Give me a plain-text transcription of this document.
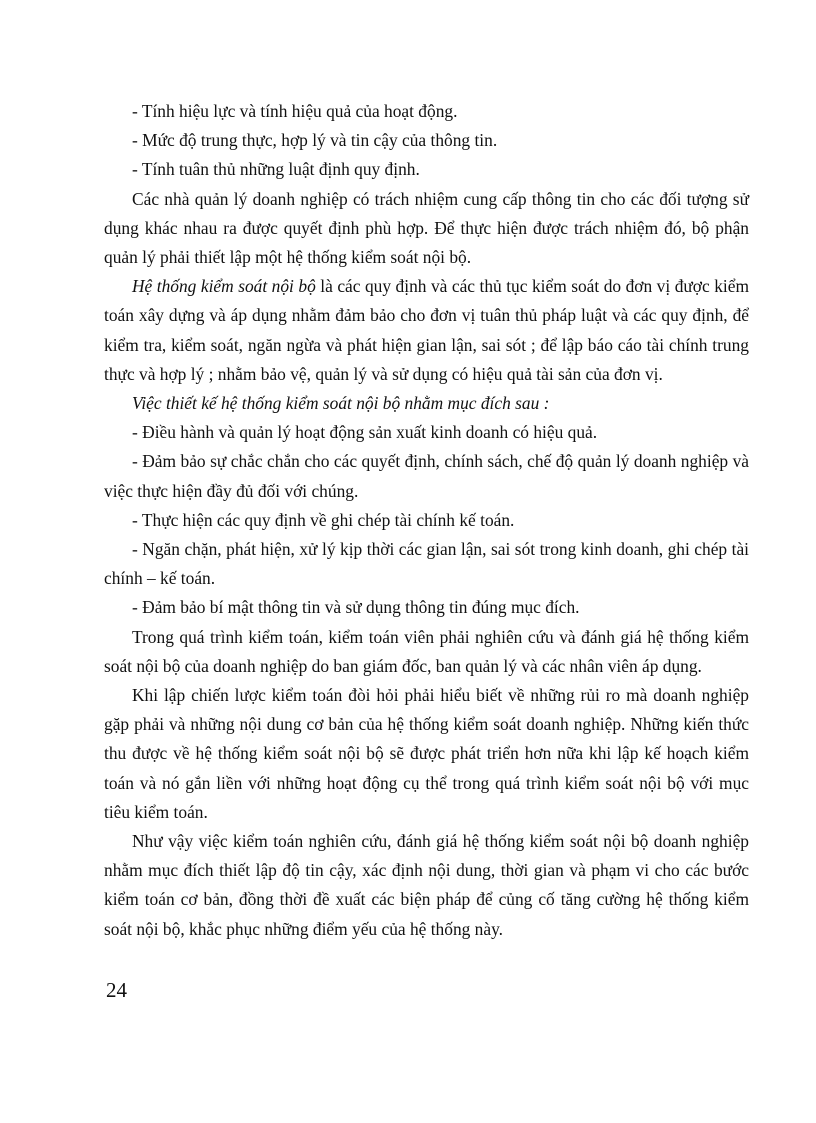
- Tính hiệu lực và tính hiệu quả của hoạt động.

- Mức độ trung thực, hợp lý và tin cậy của thông tin.

- Tính tuân thủ những luật định quy định.

Các nhà quản lý doanh nghiệp có trách nhiệm cung cấp thông tin cho các đối tượng sử dụng khác nhau ra được quyết định phù hợp. Để thực hiện được trách nhiệm đó, bộ phận quản lý phải thiết lập một hệ thống kiểm soát nội bộ.

Hệ thống kiểm soát nội bộ là các quy định và các thủ tục kiểm soát do đơn vị được kiểm toán xây dựng và áp dụng nhằm đảm bảo cho đơn vị tuân thủ pháp luật và các quy định, để kiểm tra, kiểm soát, ngăn ngừa và phát hiện gian lận, sai sót ; để lập báo cáo tài chính trung thực và hợp lý ; nhằm bảo vệ, quản lý và sử dụng có hiệu quả tài sản của đơn vị.

Việc thiết kế hệ thống kiểm soát nội bộ nhằm mục đích sau :

- Điều hành và quản lý hoạt động sản xuất kinh doanh có hiệu quả.

- Đảm bảo sự chắc chắn cho các quyết định, chính sách, chế độ quản lý doanh nghiệp và việc thực hiện đầy đủ đối với chúng.

- Thực hiện các quy định về ghi chép tài chính kế toán.

- Ngăn chặn, phát hiện, xử lý kịp thời các gian lận, sai sót trong kinh doanh, ghi chép tài chính – kế toán.

- Đảm bảo bí mật thông tin và sử dụng thông tin đúng mục đích.

Trong quá trình kiểm toán, kiểm toán viên phải nghiên cứu và đánh giá hệ thống kiểm soát nội bộ của doanh nghiệp do ban giám đốc, ban quản lý và các nhân viên áp dụng.

Khi lập chiến lược kiểm toán đòi hỏi phải hiểu biết về những rủi ro mà doanh nghiệp gặp phải và những nội dung cơ bản của hệ thống kiểm soát doanh nghiệp. Những kiến thức thu được về hệ thống kiểm soát nội bộ sẽ được phát triển hơn nữa khi lập kế hoạch kiểm toán và nó gắn liền với những hoạt động cụ thể trong quá trình kiểm soát nội bộ với mục tiêu kiểm toán.

Như vậy việc kiểm toán nghiên cứu, đánh giá hệ thống kiểm soát nội bộ doanh nghiệp nhằm mục đích thiết lập độ tin cậy, xác định nội dung, thời gian và phạm vi cho các bước kiểm toán cơ bản, đồng thời đề xuất các biện pháp để củng cố tăng cường hệ thống kiểm soát nội bộ, khắc phục những điểm yếu của hệ thống này.

24
